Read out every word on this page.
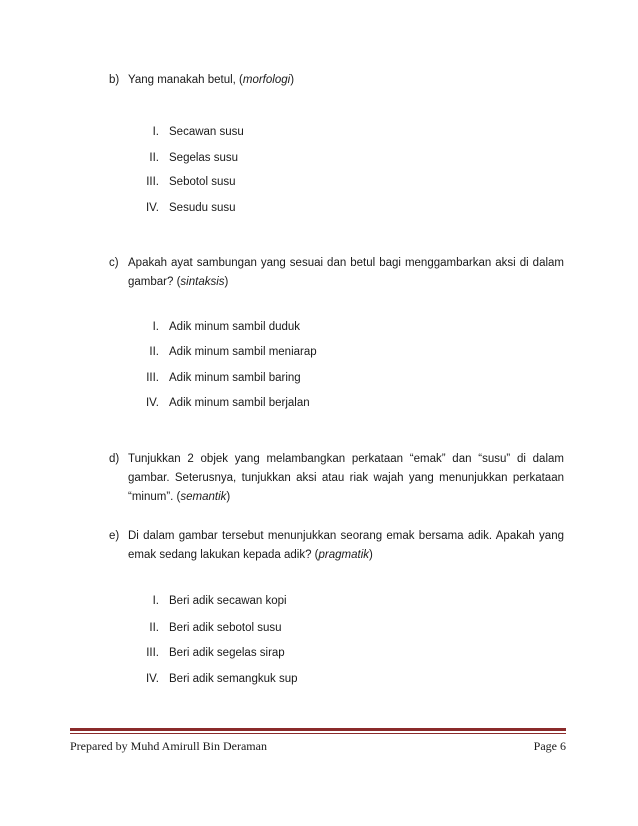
b) Yang manakah betul, (morfologi)
I. Secawan susu
II. Segelas susu
III. Sebotol susu
IV. Sesudu susu
c) Apakah ayat sambungan yang sesuai dan betul bagi menggambarkan aksi di dalam gambar? (sintaksis)
I. Adik minum sambil duduk
II. Adik minum sambil meniarap
III. Adik minum sambil baring
IV. Adik minum sambil berjalan
d) Tunjukkan 2 objek yang melambangkan perkataan “emak” dan “susu” di dalam gambar. Seterusnya, tunjukkan aksi atau riak wajah yang menunjukkan perkataan “minum”. (semantik)
e) Di dalam gambar tersebut menunjukkan seorang emak bersama adik. Apakah yang emak sedang lakukan kepada adik? (pragmatik)
I. Beri adik secawan kopi
II. Beri adik sebotol susu
III. Beri adik segelas sirap
IV. Beri adik semangkuk sup
Prepared by Muhd Amirull Bin Deraman	Page 6
